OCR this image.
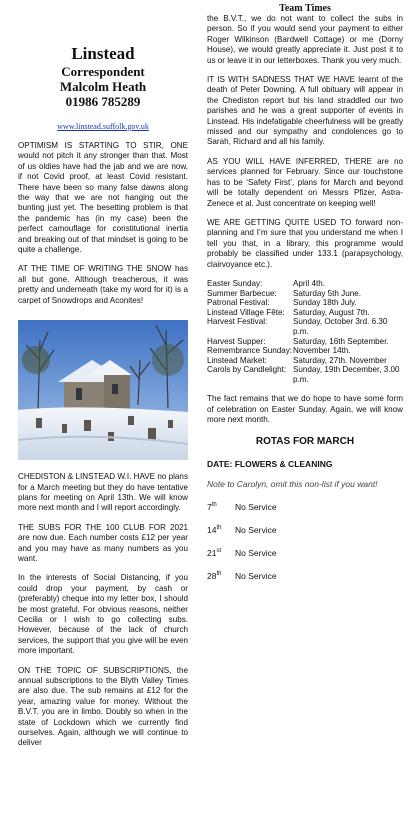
Linstead
Correspondent
Malcolm Heath
01986 785289
www.linstead.suffolk.gov.uk

OPTIMISM IS STARTING TO STIR, ONE would not pitch it any stronger than that. Most of us oldies have had the jab and we are now, if not Covid proof, at least Covid resistant. There have been so many false dawns along the way that we are not hanging out the bunting just yet. The besetting problem is that the pandemic has (in my case) been the perfect camouflage for constitutional inertia and breaking out of that mindset is going to be quite a challenge.

AT THE TIME OF WRITING THE SNOW has all but gone. Although treacherous, it was pretty and underneath (take my word for it) is a carpet of Snowdrops and Aconites!

CHEDISTON & LINSTEAD W.I. HAVE no plans for a March meeting but they do have tentative plans for meeting on April 13th. We will know more next month and I will report accordingly.

THE SUBS FOR THE 100 CLUB FOR 2021 are now due. Each number costs £12 per year and you may have as many numbers as you want.

In the interests of Social Distancing, if you could drop your payment, by cash or (preferably) cheque into my letter box, I should be most grateful. For obvious reasons, neither Cecilia or I wish to go collecting subs. However, because of the lack of church services, the support that you give will be even more important.

ON THE TOPIC OF SUBSCRIPTIONS, the annual subscriptions to the Blyth Valley Times are also due. The sub remains at £12 for the year, amazing value for money. Without the B.V.T. you are in limbo. Doubly so when in the state of Lockdown which we currently find ourselves. Again, although we will continue to deliver

Team Times

the B.V.T., we do not want to collect the subs in person. So if you would send your payment to either Roger Wilkinson (Bardwell Cottage) or me (Dorny House), we would greatly appreciate it. Just post it to us or leave it in our letterboxes. Thank you very much.

IT IS WITH SADNESS THAT WE HAVE learnt of the death of Peter Downing. A full obituary will appear in the Chediston report but his land straddled our two parishes and he was a great supporter of events in Linstead. His indefatigable cheerfulness will be greatly missed and our sympathy and condolences go to Sarah, Richard and all his family.

AS YOU WILL HAVE INFERRED, THERE are no services planned for February. Since our touchstone has to be ‘Safety First’, plans for March and beyond will be totally dependent on Messrs Pfizer, Astra-Zenece et al. Just concentrate on keeping well!

WE ARE GETTING QUITE USED TO forward non-planning and I’m sure that you understand me when I tell you that, in a library, this programme would probably be classified under 133.1 (parapsychology, clairvoyance etc.).

Easter Sunday:	April 4th.
Summer Barbecue:	Saturday 5th June.
Patronal Festival:	Sunday 18th July.
Linstead Village Fête:	Saturday, August 7th.
Harvest Festival:	Sunday, October 3rd. 6.30 p.m.
Harvest Supper:	Saturday, 16th September.
Remembrance Sunday:	November 14th.
Linstead Market:	Saturday, 27th. November
Carols by Candlelight:	Sunday, 19th December, 3.00 p.m.

The fact remains that we do hope to have some form of celebration on Easter Sunday. Again, we will know more next month.

ROTAS FOR MARCH
DATE: FLOWERS & CLEANING
Note to Carolyn, omit this non-list if you want!
7th	No Service
14th	No Service
21st	No Service
28th	No Service
